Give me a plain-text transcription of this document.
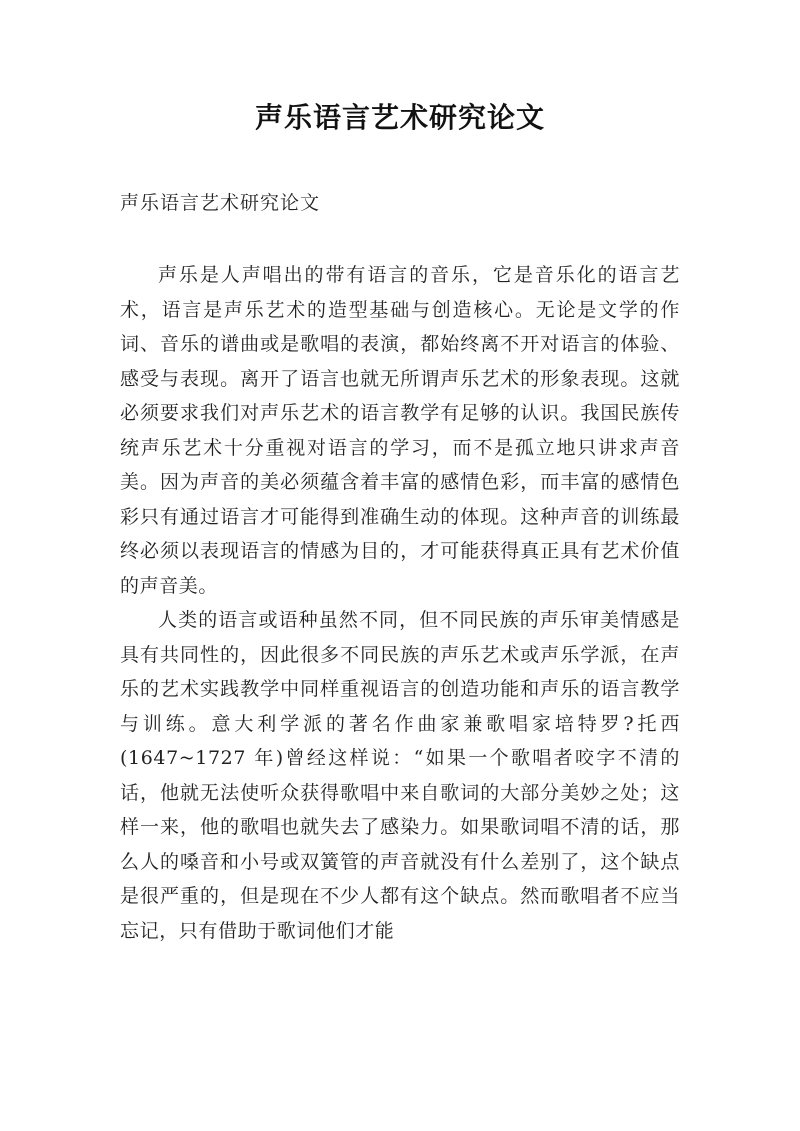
声乐语言艺术研究论文
声乐语言艺术研究论文

声乐是人声唱出的带有语言的音乐，它是音乐化的语言艺术，语言是声乐艺术的造型基础与创造核心。无论是文学的作词、音乐的谱曲或是歌唱的表演，都始终离不开对语言的体验、感受与表现。离开了语言也就无所谓声乐艺术的形象表现。这就必须要求我们对声乐艺术的语言教学有足够的认识。我国民族传统声乐艺术十分重视对语言的学习，而不是孤立地只讲求声音美。因为声音的美必须蕴含着丰富的感情色彩，而丰富的感情色彩只有通过语言才可能得到准确生动的体现。这种声音的训练最终必须以表现语言的情感为目的，才可能获得真正具有艺术价值的声音美。

人类的语言或语种虽然不同，但不同民族的声乐审美情感是具有共同性的，因此很多不同民族的声乐艺术或声乐学派，在声乐的艺术实践教学中同样重视语言的创造功能和声乐的语言教学与训练。意大利学派的著名作曲家兼歌唱家培特罗?托西(1647~1727 年)曾经这样说：“如果一个歌唱者咬字不清的话，他就无法使听众获得歌唱中来自歌词的大部分美妙之处；这样一来，他的歌唱也就失去了感染力。如果歌词唱不清的话，那么人的嗓音和小号或双簧管的声音就没有什么差别了，这个缺点是很严重的，但是现在不少人都有这个缺点。然而歌唱者不应当忘记，只有借助于歌词他们才能
